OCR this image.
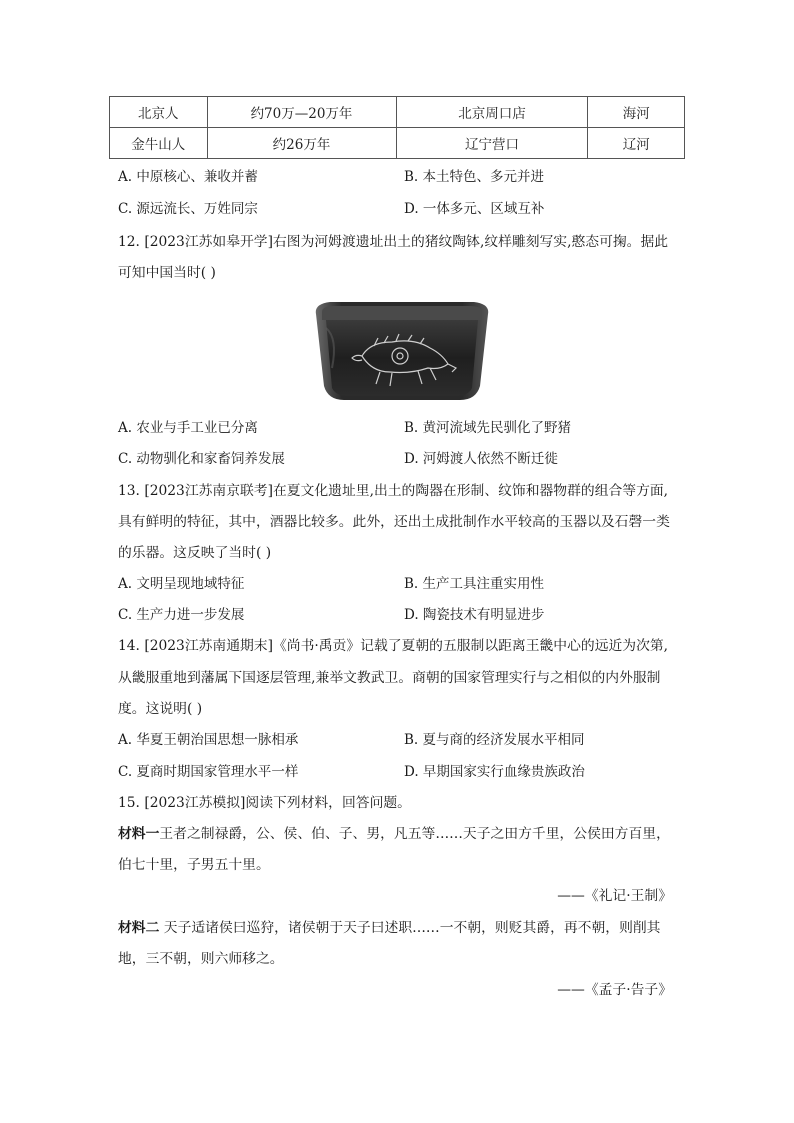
北京人	约70万—20万年	北京周口店	海河
金牛山人	约26万年	辽宁营口	辽河
A. 中原核心、兼收并蓄	B. 本土特色、多元并进
C. 源远流长、万姓同宗	D. 一体多元、区域互补
12. [2023江苏如皋开学]右图为河姆渡遗址出土的猪纹陶钵,纹样雕刻写实,憨态可掬。据此
可知中国当时( )
A. 农业与手工业已分离	B. 黄河流域先民驯化了野猪
C. 动物驯化和家畜饲养发展	D. 河姆渡人依然不断迁徙
13. [2023江苏南京联考]在夏文化遗址里,出土的陶器在形制、纹饰和器物群的组合等方面,
具有鲜明的特征，其中，酒器比较多。此外，还出土成批制作水平较高的玉器以及石磬一类
的乐器。这反映了当时( )
A. 文明呈现地域特征	B. 生产工具注重实用性
C. 生产力进一步发展	D. 陶瓷技术有明显进步
14. [2023江苏南通期末]《尚书·禹贡》记载了夏朝的五服制以距离王畿中心的远近为次第,
从畿服重地到藩属下国逐层管理,兼举文教武卫。商朝的国家管理实行与之相似的内外服制
度。这说明( )
A. 华夏王朝治国思想一脉相承	B. 夏与商的经济发展水平相同
C. 夏商时期国家管理水平一样	D. 早期国家实行血缘贵族政治
15. [2023江苏模拟]阅读下列材料，回答问题。
材料一王者之制禄爵，公、侯、伯、子、男，凡五等……天子之田方千里，公侯田方百里，
伯七十里，子男五十里。
——《礼记·王制》
材料二 天子适诸侯曰巡狩，诸侯朝于天子曰述职……一不朝，则贬其爵，再不朝，则削其
地，三不朝，则六师移之。
——《孟子·告子》
